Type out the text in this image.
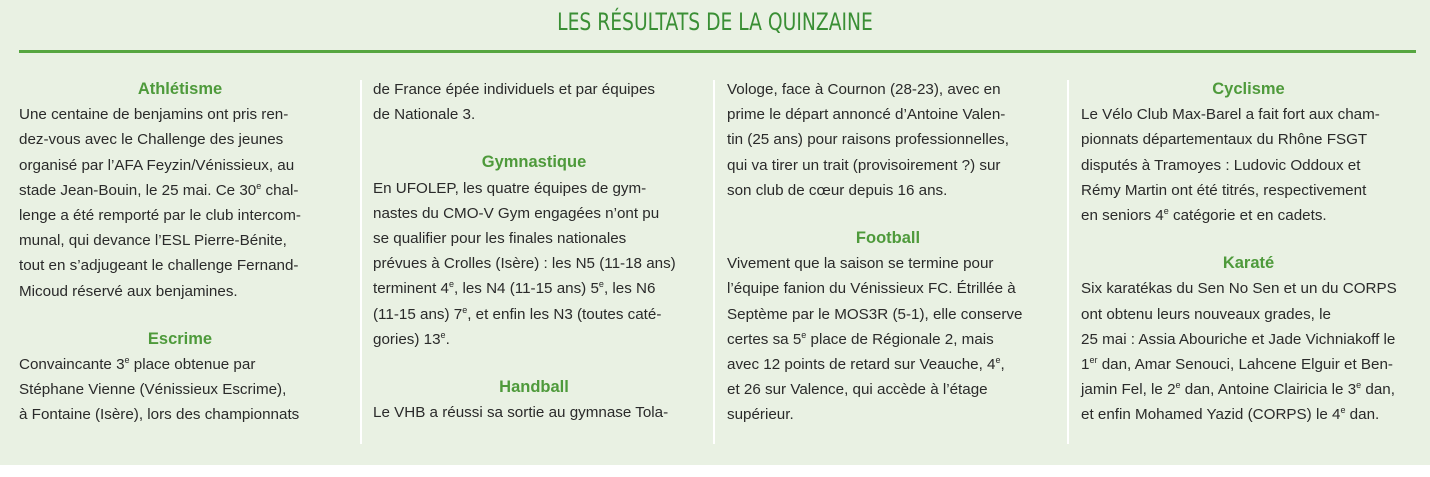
LES RÉSULTATS DE LA QUINZAINE
Athlétisme
Une centaine de benjamins ont pris ren-
dez-vous avec le Challenge des jeunes
organisé par l’AFA Feyzin/Vénissieux, au
stade Jean-Bouin, le 25 mai. Ce 30e chal-
lenge a été remporté par le club intercom-
munal, qui devance l’ESL Pierre-Bénite,
tout en s’adjugeant le challenge Fernand-
Micoud réservé aux benjamines.
Escrime
Convaincante 3e place obtenue par
Stéphane Vienne (Vénissieux Escrime),
à Fontaine (Isère), lors des championnats
de France épée individuels et par équipes
de Nationale 3.
Gymnastique
En UFOLEP, les quatre équipes de gym-
nastes du CMO-V Gym engagées n’ont pu
se qualifier pour les finales nationales
prévues à Crolles (Isère) : les N5 (11-18 ans)
terminent 4e, les N4 (11-15 ans) 5e, les N6
(11-15 ans) 7e, et enfin les N3 (toutes caté-
gories) 13e.
Handball
Le VHB a réussi sa sortie au gymnase Tola-
Vologe, face à Cournon (28-23), avec en
prime le départ annoncé d’Antoine Valen-
tin (25 ans) pour raisons professionnelles,
qui va tirer un trait (provisoirement ?) sur
son club de cœur depuis 16 ans.
Football
Vivement que la saison se termine pour
l’équipe fanion du Vénissieux FC. Étrillée à
Septème par le MOS3R (5-1), elle conserve
certes sa 5e place de Régionale 2, mais
avec 12 points de retard sur Veauche, 4e,
et 26 sur Valence, qui accède à l’étage
supérieur.
Cyclisme
Le Vélo Club Max-Barel a fait fort aux cham-
pionnats départementaux du Rhône FSGT
disputés à Tramoyes : Ludovic Oddoux et
Rémy Martin ont été titrés, respectivement
en seniors 4e catégorie et en cadets.
Karaté
Six karatékas du Sen No Sen et un du CORPS
ont obtenu leurs nouveaux grades, le
25 mai : Assia Abouriche et Jade Vichniakoff le
1er dan, Amar Senouci, Lahcene Elguir et Ben-
jamin Fel, le 2e dan, Antoine Clairicia le 3e dan,
et enfin Mohamed Yazid (CORPS) le 4e dan.
